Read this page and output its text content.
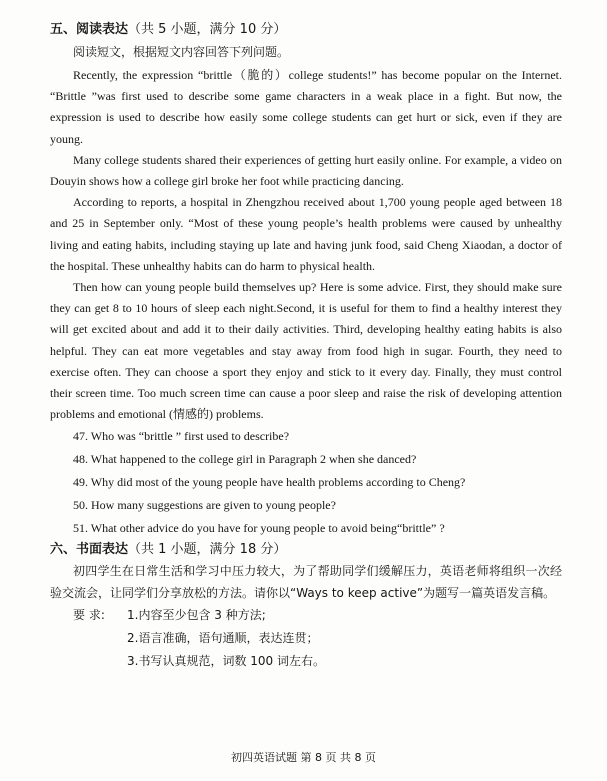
五、阅读表达（共 5 小题，满分 10 分）
阅读短文，根据短文内容回答下列问题。

Recently, the expression “brittle（脆的）college students!” has become popular on the Internet. “Brittle ”was first used to describe some game characters in a weak place in a fight. But now, the expression is used to describe how easily some college students can get hurt or sick, even if they are young.

Many college students shared their experiences of getting hurt easily online. For example, a video on Douyin shows how a college girl broke her foot while practicing dancing.

According to reports, a hospital in Zhengzhou received about 1,700 young people aged between 18 and 25 in September only. “Most of these young people’s health problems were caused by unhealthy living and eating habits, including staying up late and having junk food, said Cheng Xiaodan, a doctor of the hospital. These unhealthy habits can do harm to physical health.

Then how can young people build themselves up? Here is some advice. First, they should make sure they can get 8 to 10 hours of sleep each night.Second, it is useful for them to find a healthy interest they will get excited about and add it to their daily activities. Third, developing healthy eating habits is also helpful. They can eat more vegetables and stay away from food high in sugar. Fourth, they need to exercise often. They can choose a sport they enjoy and stick to it every day. Finally, they must control their screen time. Too much screen time can cause a poor sleep and raise the risk of developing attention problems and emotional (情感的) problems.

47. Who was “brittle ” first used to describe?
48. What happened to the college girl in Paragraph 2 when she danced?
49. Why did most of the young people have health problems according to Cheng?
50. How many suggestions are given to young people?
51. What other advice do you have for young people to avoid being“brittle” ?
六、书面表达（共 1 小题，满分 18 分）

初四学生在日常生活和学习中压力较大，为了帮助同学们缓解压力，英语老师将组织一次经验交流会，让同学们分享放松的方法。请你以“Ways to keep active”为题写一篇英语发言稿。

要 求: 1.内容至少包含 3 种方法;
2.语言准确，语句通顺，表达连贯；
3.书写认真规范，词数 100 词左右。
初四英语试题 第 8 页 共 8 页
